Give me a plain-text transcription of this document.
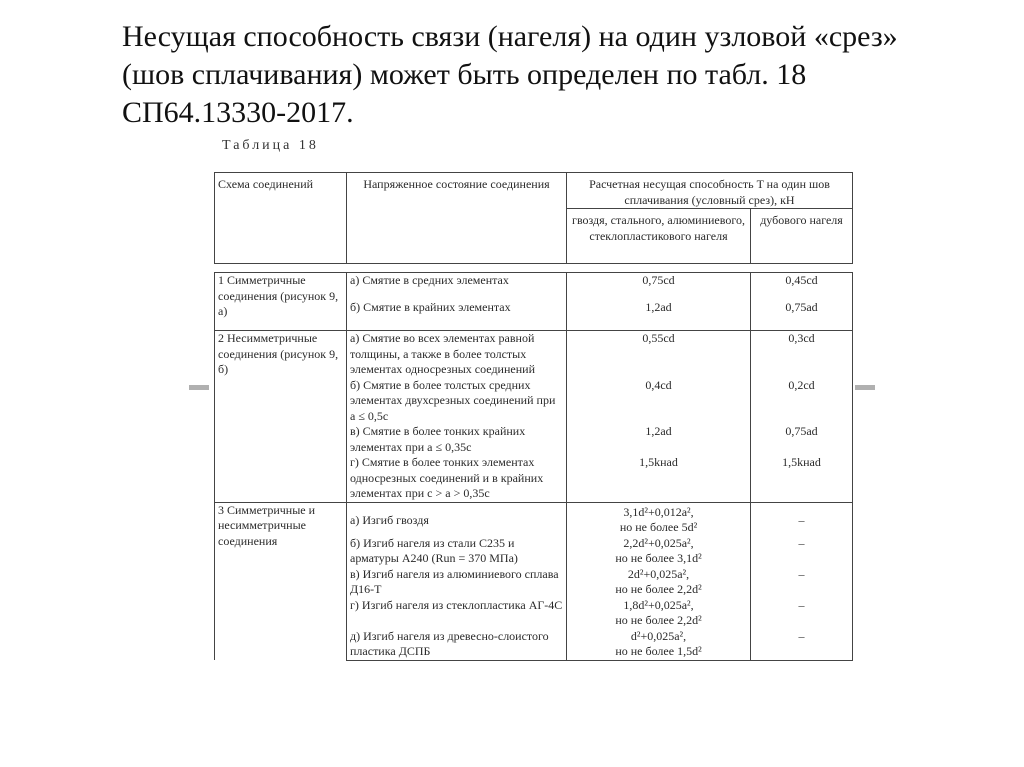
Несущая способность связи (нагеля) на один узловой «срез»
(шов сплачивания) может быть определен по табл. 18
СП64.13330-2017.
Таблица 18
Схема соединений	Напряженное состояние соединения	Расчетная несущая способность T на один шов сплачивания (условный срез), кН	
		гвоздя, стального, алюминиевого, стеклопластикового нагеля	дубового нагеля
1 Симметричные соединения (рисунок 9, а)	а) Смятие в средних элементах	0,75cd	0,45cd
	б) Смятие в крайних элементах	1,2ad	0,75ad
2 Несимметричные соединения (рисунок 9, б)	а) Смятие во всех элементах равной толщины, а также в более толстых элементах односрезных соединений	0,55cd	0,3cd
	б) Смятие в более толстых средних элементах двухсрезных соединений при a ≤ 0,5c	0,4cd	0,2cd
	в) Смятие в более тонких крайних элементах при a ≤ 0,35c	1,2ad	0,75ad
	г) Смятие в более тонких элементах односрезных соединений и в крайних элементах при c > a > 0,35c	1,5kнad	1,5kнad
3 Симметричные и несимметричные соединения	а) Изгиб гвоздя	3,1d²+0,012a²,
но не более 5d²	–
	б) Изгиб нагеля из стали С235 и арматуры А240 (Run = 370 МПа)	2,2d²+0,025a²,
но не более 3,1d²	–
	в) Изгиб нагеля из алюминиевого сплава Д16-Т	2d²+0,025a²,
но не более 2,2d²	–
	г) Изгиб нагеля из стеклопластика АГ-4С	1,8d²+0,025a²,
но не более 2,2d²	–
	д) Изгиб нагеля из древесно-слоистого пластика ДСПБ	d²+0,025a²,
но не более 1,5d²	–
